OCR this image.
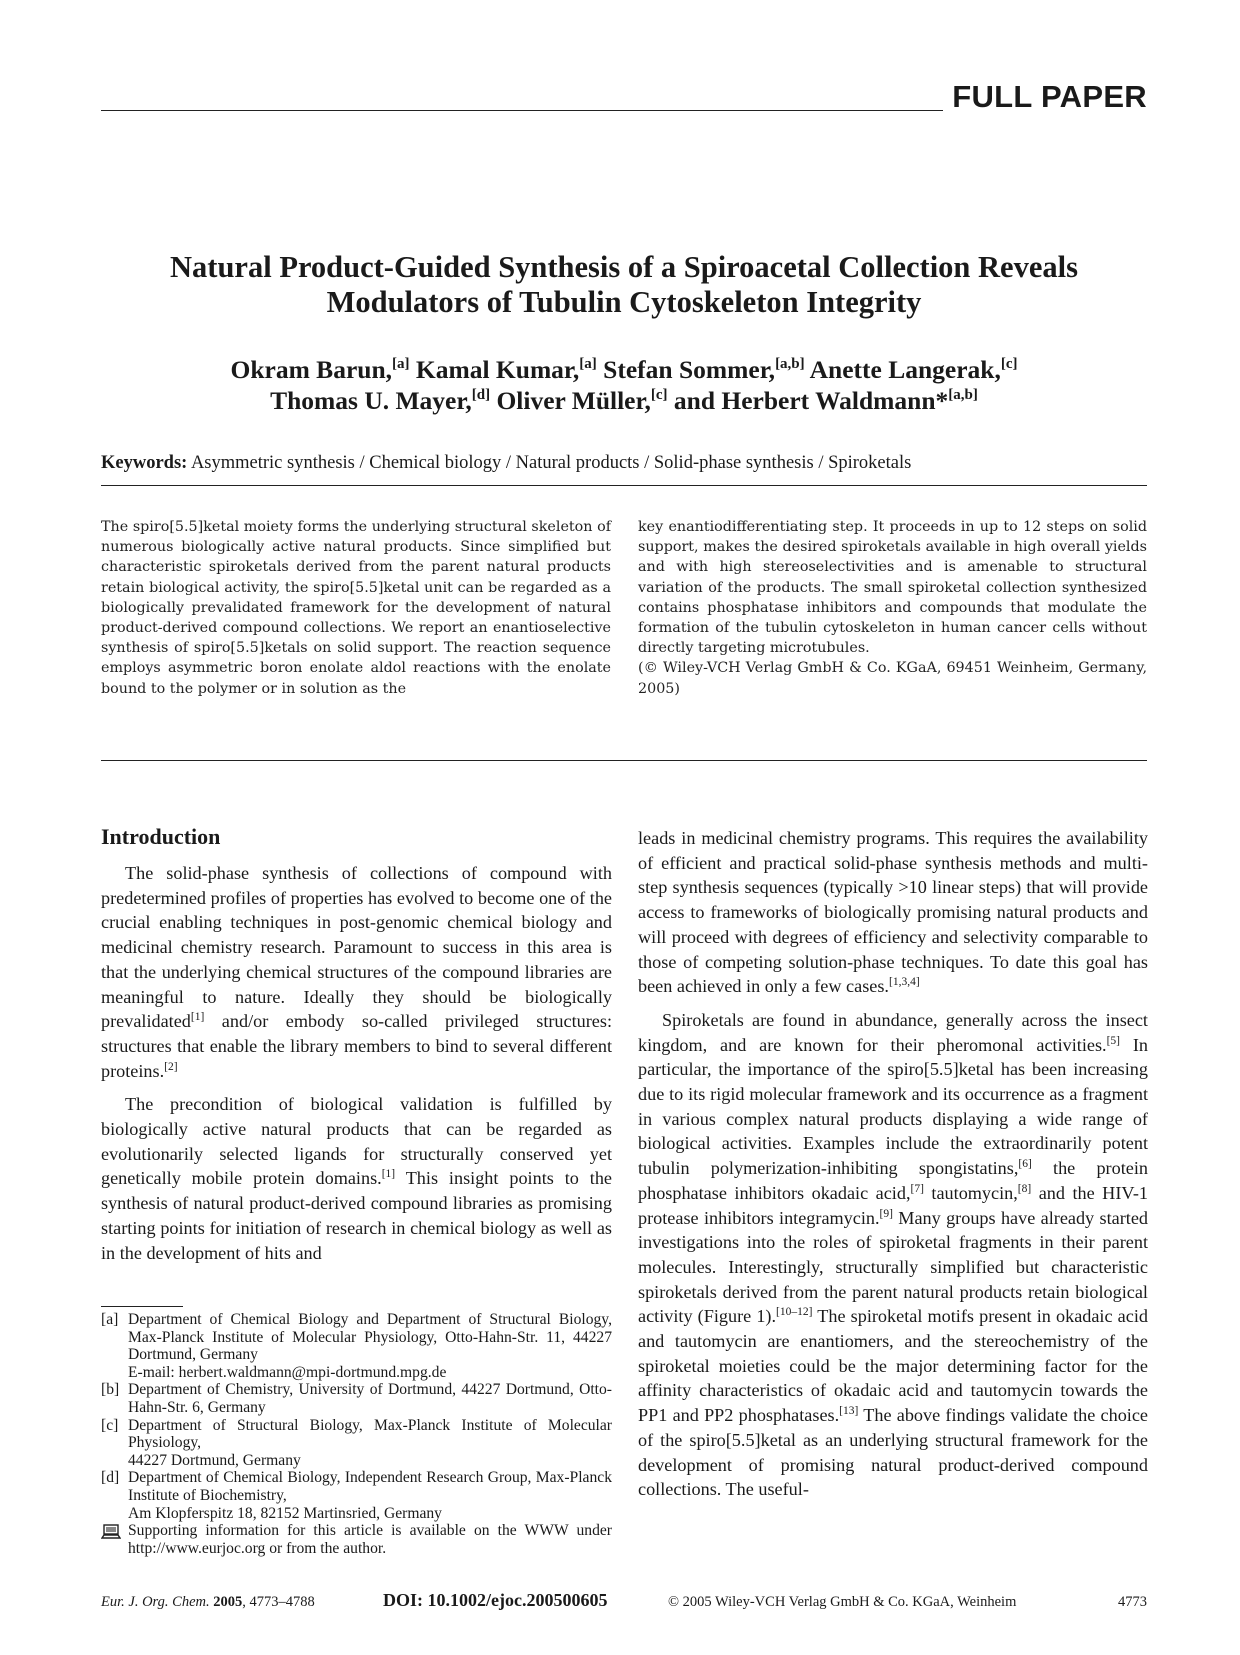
FULL PAPER
Natural Product-Guided Synthesis of a Spiroacetal Collection Reveals
Modulators of Tubulin Cytoskeleton Integrity
Okram Barun,[a] Kamal Kumar,[a] Stefan Sommer,[a,b] Anette Langerak,[c]
Thomas U. Mayer,[d] Oliver Müller,[c] and Herbert Waldmann*[a,b]
Keywords: Asymmetric synthesis / Chemical biology / Natural products / Solid-phase synthesis / Spiroketals
The spiro[5.5]ketal moiety forms the underlying structural skeleton of numerous biologically active natural products. Since simplified but characteristic spiroketals derived from the parent natural products retain biological activity, the spiro[5.5]ketal unit can be regarded as a biologically prevalidated framework for the development of natural product-derived compound collections. We report an enantioselective synthesis of spiro[5.5]ketals on solid support. The reaction sequence employs asymmetric boron enolate aldol reactions with the enolate bound to the polymer or in solution as the
key enantiodifferentiating step. It proceeds in up to 12 steps on solid support, makes the desired spiroketals available in high overall yields and with high stereoselectivities and is amenable to structural variation of the products. The small spiroketal collection synthesized contains phosphatase inhibitors and compounds that modulate the formation of the tubulin cytoskeleton in human cancer cells without directly targeting microtubules.
(© Wiley-VCH Verlag GmbH & Co. KGaA, 69451 Weinheim, Germany, 2005)
Introduction

The solid-phase synthesis of collections of compound with predetermined profiles of properties has evolved to become one of the crucial enabling techniques in post-genomic chemical biology and medicinal chemistry research. Paramount to success in this area is that the underlying chemical structures of the compound libraries are meaningful to nature. Ideally they should be biologically prevalidated[1] and/or embody so-called privileged structures: structures that enable the library members to bind to several different proteins.[2]

The precondition of biological validation is fulfilled by biologically active natural products that can be regarded as evolutionarily selected ligands for structurally conserved yet genetically mobile protein domains.[1] This insight points to the synthesis of natural product-derived compound libraries as promising starting points for initiation of research in chemical biology as well as in the development of hits and

leads in medicinal chemistry programs. This requires the availability of efficient and practical solid-phase synthesis methods and multi-step synthesis sequences (typically >10 linear steps) that will provide access to frameworks of biologically promising natural products and will proceed with degrees of efficiency and selectivity comparable to those of competing solution-phase techniques. To date this goal has been achieved in only a few cases.[1,3,4]

Spiroketals are found in abundance, generally across the insect kingdom, and are known for their pheromonal activities.[5] In particular, the importance of the spiro[5.5]ketal has been increasing due to its rigid molecular framework and its occurrence as a fragment in various complex natural products displaying a wide range of biological activities. Examples include the extraordinarily potent tubulin polymerization-inhibiting spongistatins,[6] the protein phosphatase inhibitors okadaic acid,[7] tautomycin,[8] and the HIV-1 protease inhibitors integramycin.[9] Many groups have already started investigations into the roles of spiroketal fragments in their parent molecules. Interestingly, structurally simplified but characteristic spiroketals derived from the parent natural products retain biological activity (Figure 1).[10–12] The spiroketal motifs present in okadaic acid and tautomycin are enantiomers, and the stereochemistry of the spiroketal moieties could be the major determining factor for the affinity characteristics of okadaic acid and tautomycin towards the PP1 and PP2 phosphatases.[13] The above findings validate the choice of the spiro[5.5]ketal as an underlying structural framework for the development of promising natural product-derived compound collections. The useful-

[a] Department of Chemical Biology and Department of Structural Biology, Max-Planck Institute of Molecular Physiology, Otto-Hahn-Str. 11, 44227 Dortmund, Germany
E-mail: herbert.waldmann@mpi-dortmund.mpg.de
[b] Department of Chemistry, University of Dortmund, 44227 Dortmund, Otto-Hahn-Str. 6, Germany
[c] Department of Structural Biology, Max-Planck Institute of Molecular Physiology,
44227 Dortmund, Germany
[d] Department of Chemical Biology, Independent Research Group, Max-Planck Institute of Biochemistry,
Am Klopferspitz 18, 82152 Martinsried, Germany
Supporting information for this article is available on the WWW under http://www.eurjoc.org or from the author.
Eur. J. Org. Chem. 2005, 4773–4788	DOI: 10.1002/ejoc.200500605	© 2005 Wiley-VCH Verlag GmbH & Co. KGaA, Weinheim	4773
